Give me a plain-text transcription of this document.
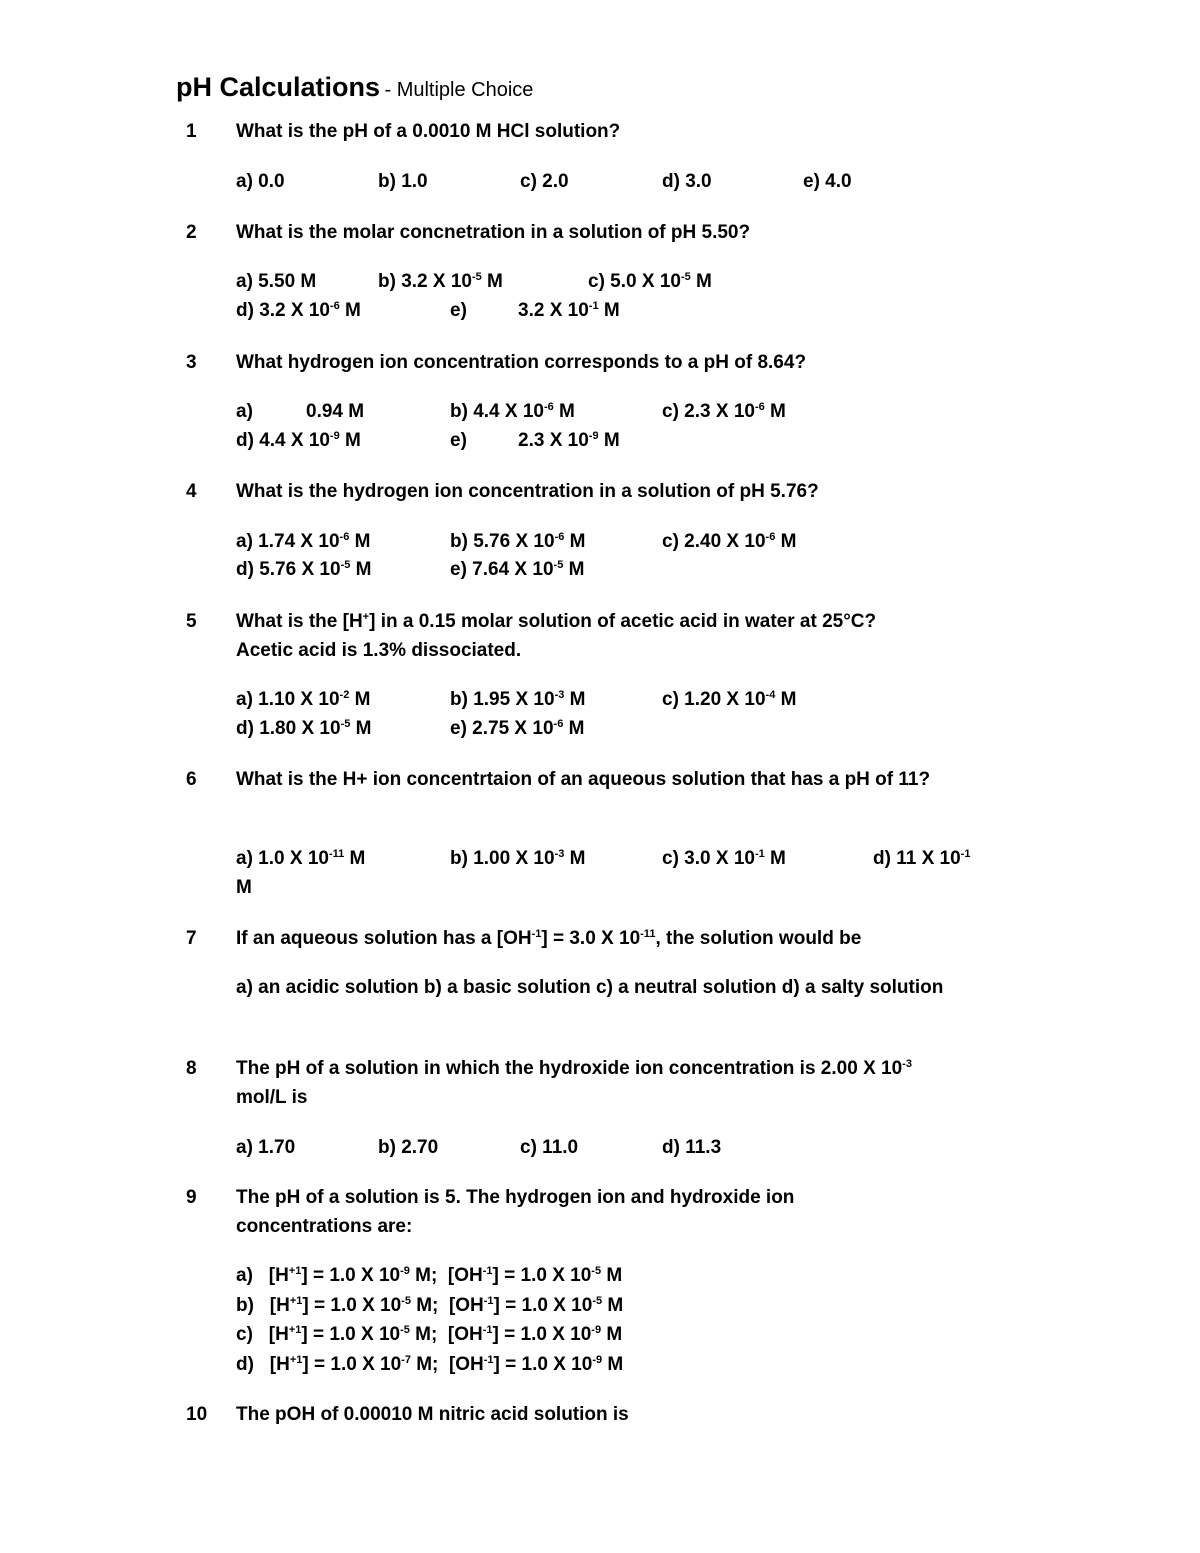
pH Calculations - Multiple Choice
1 What is the pH of a 0.0010 M HCl solution?
a) 0.0	b) 1.0	c) 2.0	d) 3.0	e) 4.0
2 What is the molar concnetration in a solution of pH 5.50?
a) 5.50 M	b) 3.2 X $10^{-5}$ M	c) 5.0 X $10^{-5}$ M
d) 3.2 X $10^{-6}$ M	e)	3.2 X $10^{-1}$ M
3 What hydrogen ion concentration corresponds to a pH of 8.64?
a)	0.94 M	b) 4.4 X $10^{-6}$ M	c) 2.3 X $10^{-6}$ M
d) 4.4 X $10^{-9}$ M	e)	2.3 X $10^{-9}$ M
4 What is the hydrogen ion concentration in a solution of pH 5.76?
a) 1.74 X $10^{-6}$ M	b) 5.76 X $10^{-6}$ M	c) 2.40 X $10^{-6}$ M
d) 5.76 X $10^{-5}$ M	e) 7.64 X $10^{-5}$ M
5 What is the [H+] in a 0.15 molar solution of acetic acid in water at 25°C?
Acetic acid is 1.3% dissociated.
a) 1.10 X $10^{-2}$ M	b) 1.95 X $10^{-3}$ M	c) 1.20 X $10^{-4}$ M
d) 1.80 X $10^{-5}$ M	e) 2.75 X $10^{-6}$ M
6 What is the H+ ion concentrtaion of an aqueous solution that has a pH of 11?
a) 1.0 X $10^{-11}$ M	b) 1.00 X $10^{-3}$ M	c) 3.0 X $10^{-1}$ M	d) 11 X $10^{-1}$
M
7 If an aqueous solution has a $[OH^{-1}] = 3.0$ X $10^{-11}$, the solution would be
a) an acidic solution b) a basic solution c) a neutral solution d) a salty solution
8 The pH of a solution in which the hydroxide ion concentration is 2.00 X $10^{-3}$
mol/L is
a) 1.70	b) 2.70	c) 11.0	d) 11.3
9 The pH of a solution is 5. The hydrogen ion and hydroxide ion concentrations are:
a) $[H^{+1}] = 1.0$ X $10^{-9}$ M; $[OH^{-1}] = 1.0$ X $10^{-5}$ M
b) $[H^{+1}] = 1.0$ X $10^{-5}$ M; $[OH^{-1}] = 1.0$ X $10^{-5}$ M
c) $[H^{+1}] = 1.0$ X $10^{-5}$ M; $[OH^{-1}] = 1.0$ X $10^{-9}$ M
d) $[H^{+1}] = 1.0$ X $10^{-7}$ M; $[OH^{-1}] = 1.0$ X $10^{-9}$ M
10 The pOH of 0.00010 M nitric acid solution is
